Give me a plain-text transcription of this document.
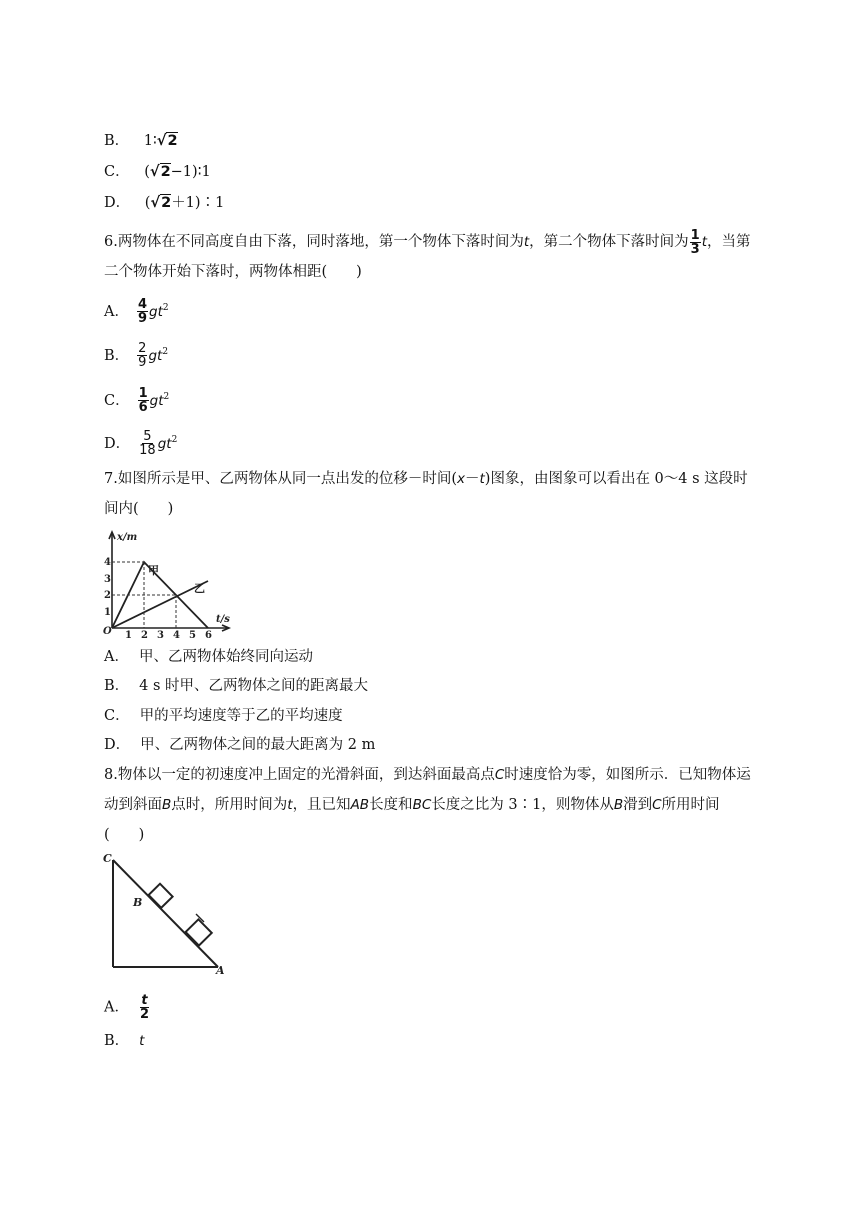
B． 1∶√2
C． (√2−1)∶1
D． (√2＋1)∶1
6.两物体在不同高度自由下落，同时落地，第一个物体下落时间为t，第二个物体下落时间为 $\frac{1}{3}$ t，当第二个物体开始下落时，两物体相距(　　)
A． $\frac{4}{9} gt^2$
B． $\frac{2}{9} gt^2$
C． $\frac{1}{6} gt^2$
D． $\frac{5}{18} gt^2$
7.如图所示是甲、乙两物体从同一点出发的位移－时间(x－t)图象，由图象可以看出在 0～4 s 这段时间内(　　)
x/m
t/s
O
1
2
3
4
1 2 3 4 5 6
甲
乙
A． 甲、乙两物体始终同向运动
B． 4 s 时甲、乙两物体之间的距离最大
C． 甲的平均速度等于乙的平均速度
D． 甲、乙两物体之间的最大距离为 2 m
8.物体以一定的初速度冲上固定的光滑斜面，到达斜面最高点C时速度恰为零，如图所示．已知物体运动到斜面B点时，所用时间为t，且已知AB长度和BC长度之比为 3∶1，则物体从B滑到C所用时间(　　)
C
B
A
A． $\frac{t}{2}$
B． t
